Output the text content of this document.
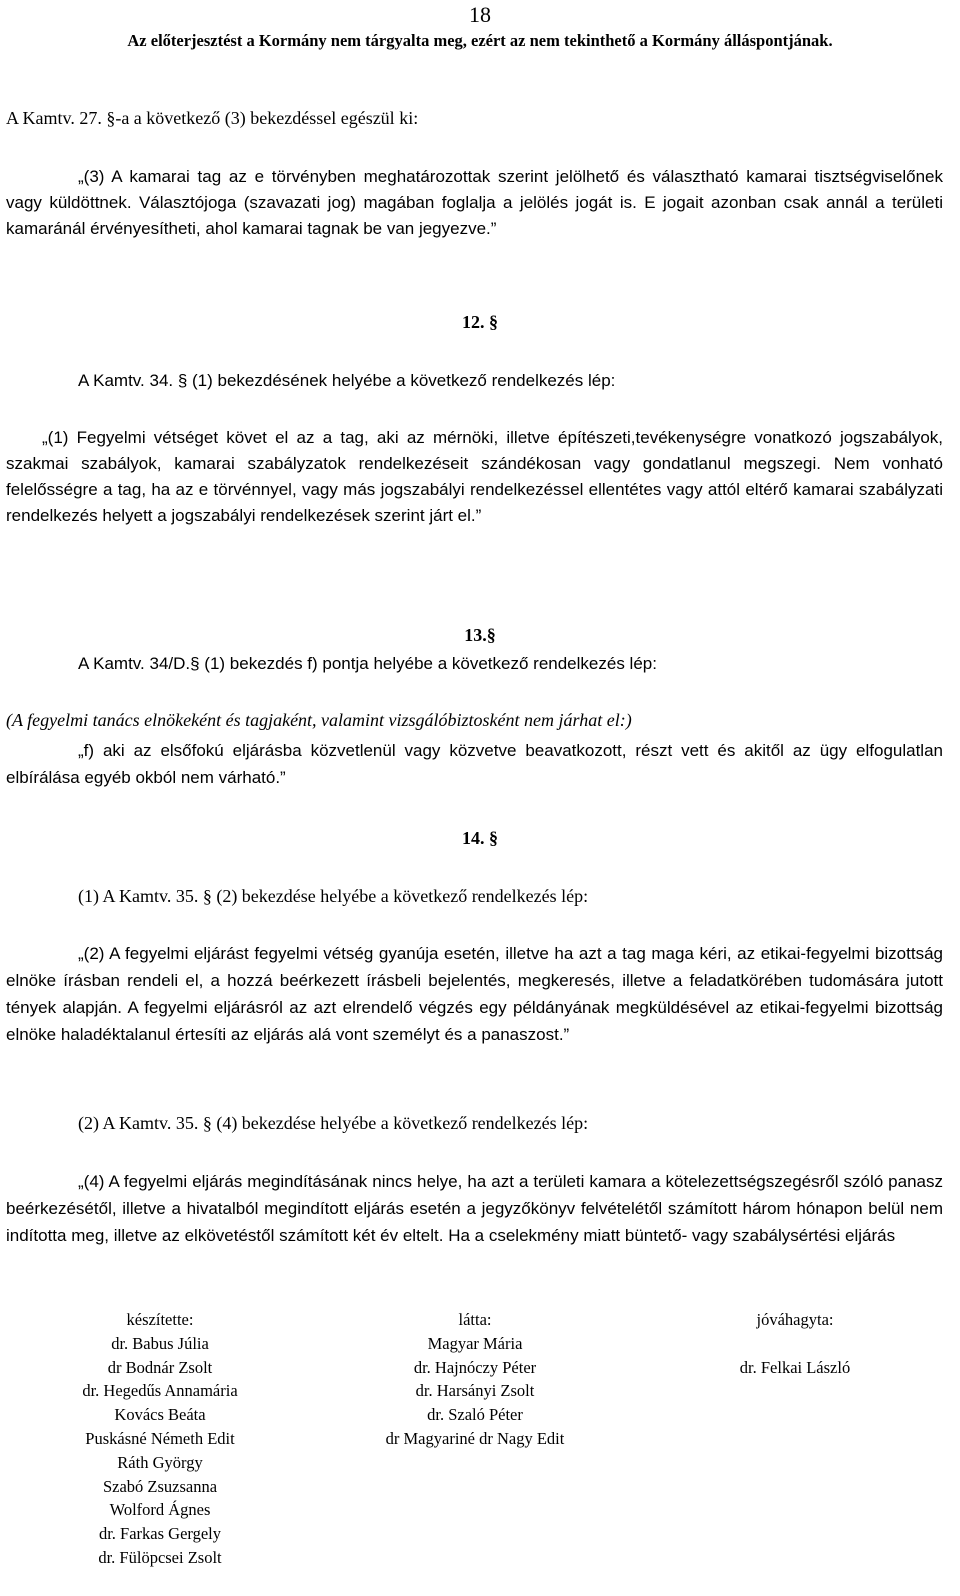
18
Az előterjesztést a Kormány nem tárgyalta meg, ezért az nem tekinthető a Kormány álláspontjának.
A Kamtv. 27. §-a a következő (3) bekezdéssel egészül ki:
„(3) A kamarai tag az e törvényben meghatározottak szerint jelölhető és választható kamarai tisztségviselőnek vagy küldöttnek. Választójoga (szavazati jog) magában foglalja a jelölés jogát is. E jogait azonban csak annál a területi kamaránál érvényesítheti, ahol kamarai tagnak be van jegyezve.”
12. §
A Kamtv. 34. § (1) bekezdésének helyébe a következő rendelkezés lép:
„(1) Fegyelmi vétséget követ el az a tag, aki az mérnöki, illetve építészeti,tevékenységre vonatkozó jogszabályok, szakmai szabályok, kamarai szabályzatok rendelkezéseit szándékosan vagy gondatlanul megszegi. Nem vonható felelősségre a tag, ha az e törvénnyel, vagy más jogszabályi rendelkezéssel ellentétes vagy attól eltérő kamarai szabályzati rendelkezés helyett a jogszabályi rendelkezések szerint járt el.”
13.§
A Kamtv. 34/D.§ (1) bekezdés f) pontja helyébe a következő rendelkezés lép:
(A fegyelmi tanács elnökeként és tagjaként, valamint vizsgálóbiztosként nem járhat el:)
„f) aki az elsőfokú eljárásba közvetlenül vagy közvetve beavatkozott, részt vett és akitől az ügy elfogulatlan elbírálása egyéb okból nem várható.”
14. §
(1) A Kamtv. 35. § (2) bekezdése helyébe a következő rendelkezés lép:
„(2) A fegyelmi eljárást fegyelmi vétség gyanúja esetén, illetve ha azt a tag maga kéri, az etikai-fegyelmi bizottság elnöke írásban rendeli el, a hozzá beérkezett írásbeli bejelentés, megkeresés, illetve a feladatkörében tudomására jutott tények alapján. A fegyelmi eljárásról az azt elrendelő végzés egy példányának megküldésével az etikai-fegyelmi bizottság elnöke haladéktalanul értesíti az eljárás alá vont személyt és a panaszost.”
(2) A Kamtv. 35. § (4) bekezdése helyébe a következő rendelkezés lép:
„(4) A fegyelmi eljárás megindításának nincs helye, ha azt a területi kamara a kötelezettségszegésről szóló panasz beérkezésétől, illetve a hivatalból megindított eljárás esetén a jegyzőkönyv felvételétől számított három hónapon belül nem indította meg, illetve az elkövetéstől számított két év eltelt. Ha a cselekmény miatt büntető- vagy szabálysértési eljárás
készítette:
dr. Babus Júlia
dr Bodnár Zsolt
dr. Hegedűs Annamária
Kovács Beáta
Puskásné Németh Edit
Ráth György
Szabó Zsuzsanna
Wolford Ágnes
dr. Farkas Gergely
dr. Fülöpcsei Zsolt
látta:
Magyar Mária
dr. Hajnóczy Péter
dr. Harsányi Zsolt
dr. Szaló Péter
dr Magyariné dr Nagy Edit
jóváhagyta:
dr. Felkai László
